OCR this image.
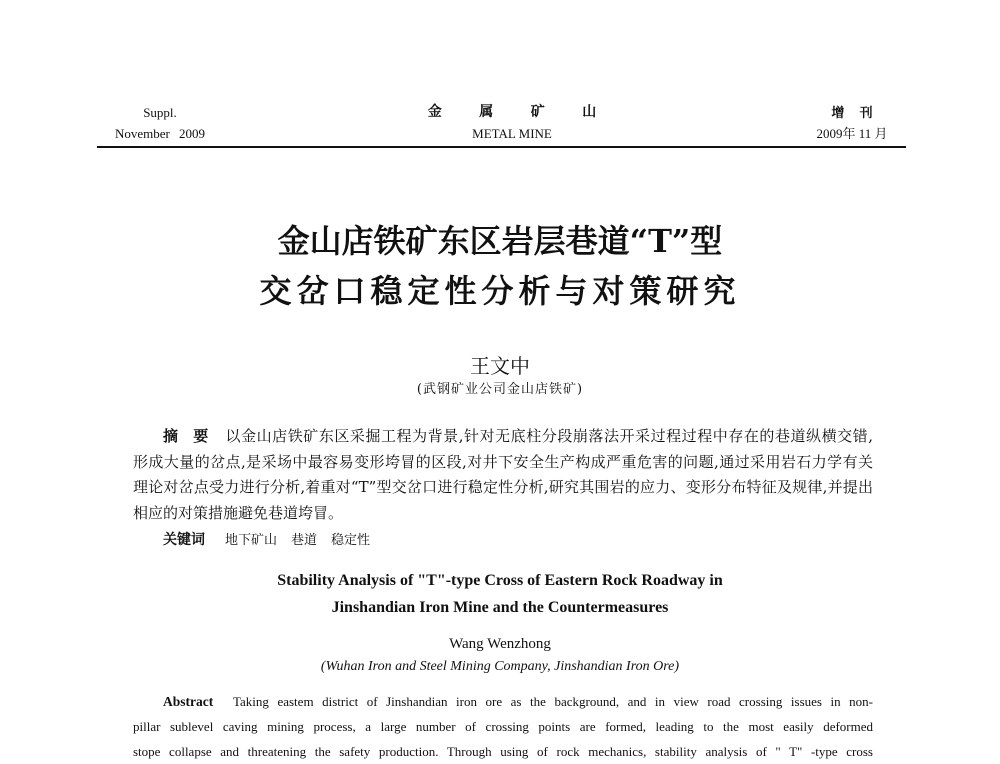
Suppl.
November 2009
金 属 矿 山
METAL MINE
增 刊
2009年 11 月
金山店铁矿东区岩层巷道“T”型
交岔口稳定性分析与对策研究
王文中
(武钢矿业公司金山店铁矿)
摘 要 以金山店铁矿东区采掘工程为背景,针对无底柱分段崩落法开采过程过程中存在的巷道纵横交错,
形成大量的岔点,是采场中最容易变形垮冒的区段,对井下安全生产构成严重危害的问题,通过采用岩石力学有关
理论对岔点受力进行分析,着重对“T”型交岔口进行稳定性分析,研究其围岩的应力、变形分布特征及规律,并提出
相应的对策措施避免巷道垮冒。
关键词 地下矿山 巷道 稳定性
Stability Analysis of "T"-type Cross of Eastern Rock Roadway in
Jinshandian Iron Mine and the Countermeasures
Wang Wenzhong
(Wuhan Iron and Steel Mining Company, Jinshandian Iron Ore)
Abstract Taking eastem district of Jinshandian iron ore as the background, and in view road crossing issues in non-
pillar sublevel caving mining process, a large number of crossing points are formed, leading to the most easily deformed
stope collapse and threatening the safety production. Through using of rock mechanics, stability analysis of " T" -type cross
